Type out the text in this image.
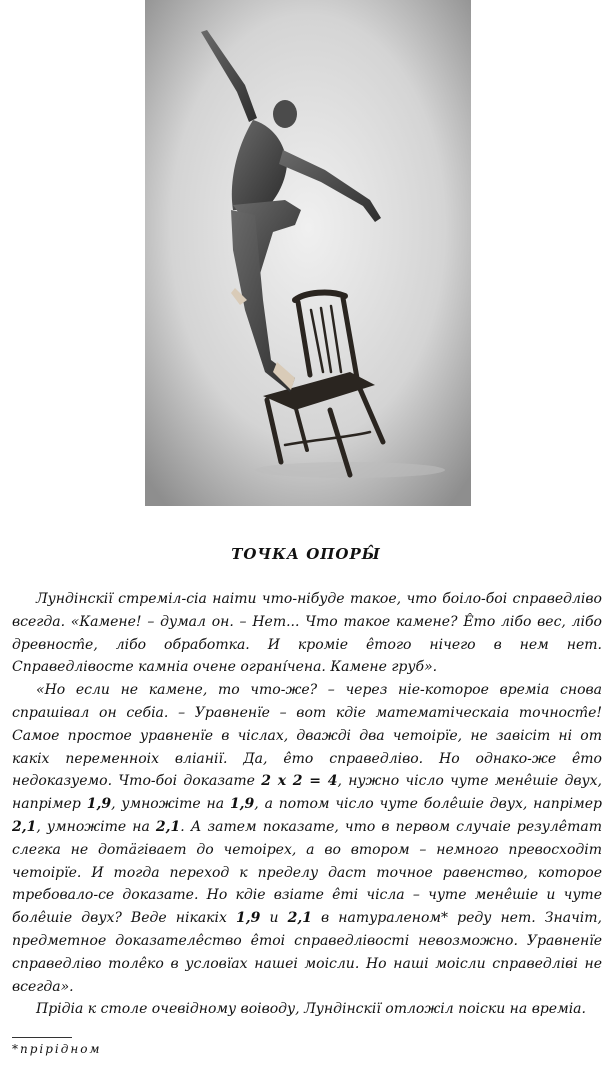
ТОЧКА ОПОРЫ̂

Лундінскії стреміл-сіа наіти что-нібуде такое, что боіло-боі справедліво всегда. «Камене! – думал он. – Нет... Что такое камене? Êто лібо вес, лібо древност̂е, лібо обработка. И кроміе êтого нічего в нем нет. Справедлівосте камніа очене ограні́чена. Камене груб».

«Но если не камене, то что-же? – через ніе-которое времіа снова спрашівал он себіа. – Уравненїе – вот кдіе математіческаіа точност̂е! Самое простое уравненїе в чіслах, дважді два четоірїе, не завісіт ні от какіх переменноіх вліанії. Да, êто справедліво. Но однако-же êто недоказуемо. Что-боі доказате 2 x 2 = 4, нужно чісло чуте менêшіе двух, напрімер 1,9, умножіте на 1,9, а потом чісло чуте болêшіе двух, напрімер 2,1, умножіте на 2,1. А затем показате, что в первом случаіе резулêтат слегка не дотäгівает до четоірех, а во втором – немного превосходіт четоірїе. И тогда переход к пределу даст точное равенство, которое требовало-се доказате. Но кдіе взіате êті чісла – чуте менêшіе и чуте болêшіе двух? Веде нікакіх 1,9 и 2,1 в натураленом* реду нет. Значіт, предметное доказателêство êтоі справедлівості невозможно. Уравненїе справедліво толêко в условїах нашеі моісли. Но наші моісли справедліві не всегда».

Прідіа к столе очевідному воіводу, Лундінскії отложіл поіски на времіа.

*прірідном
